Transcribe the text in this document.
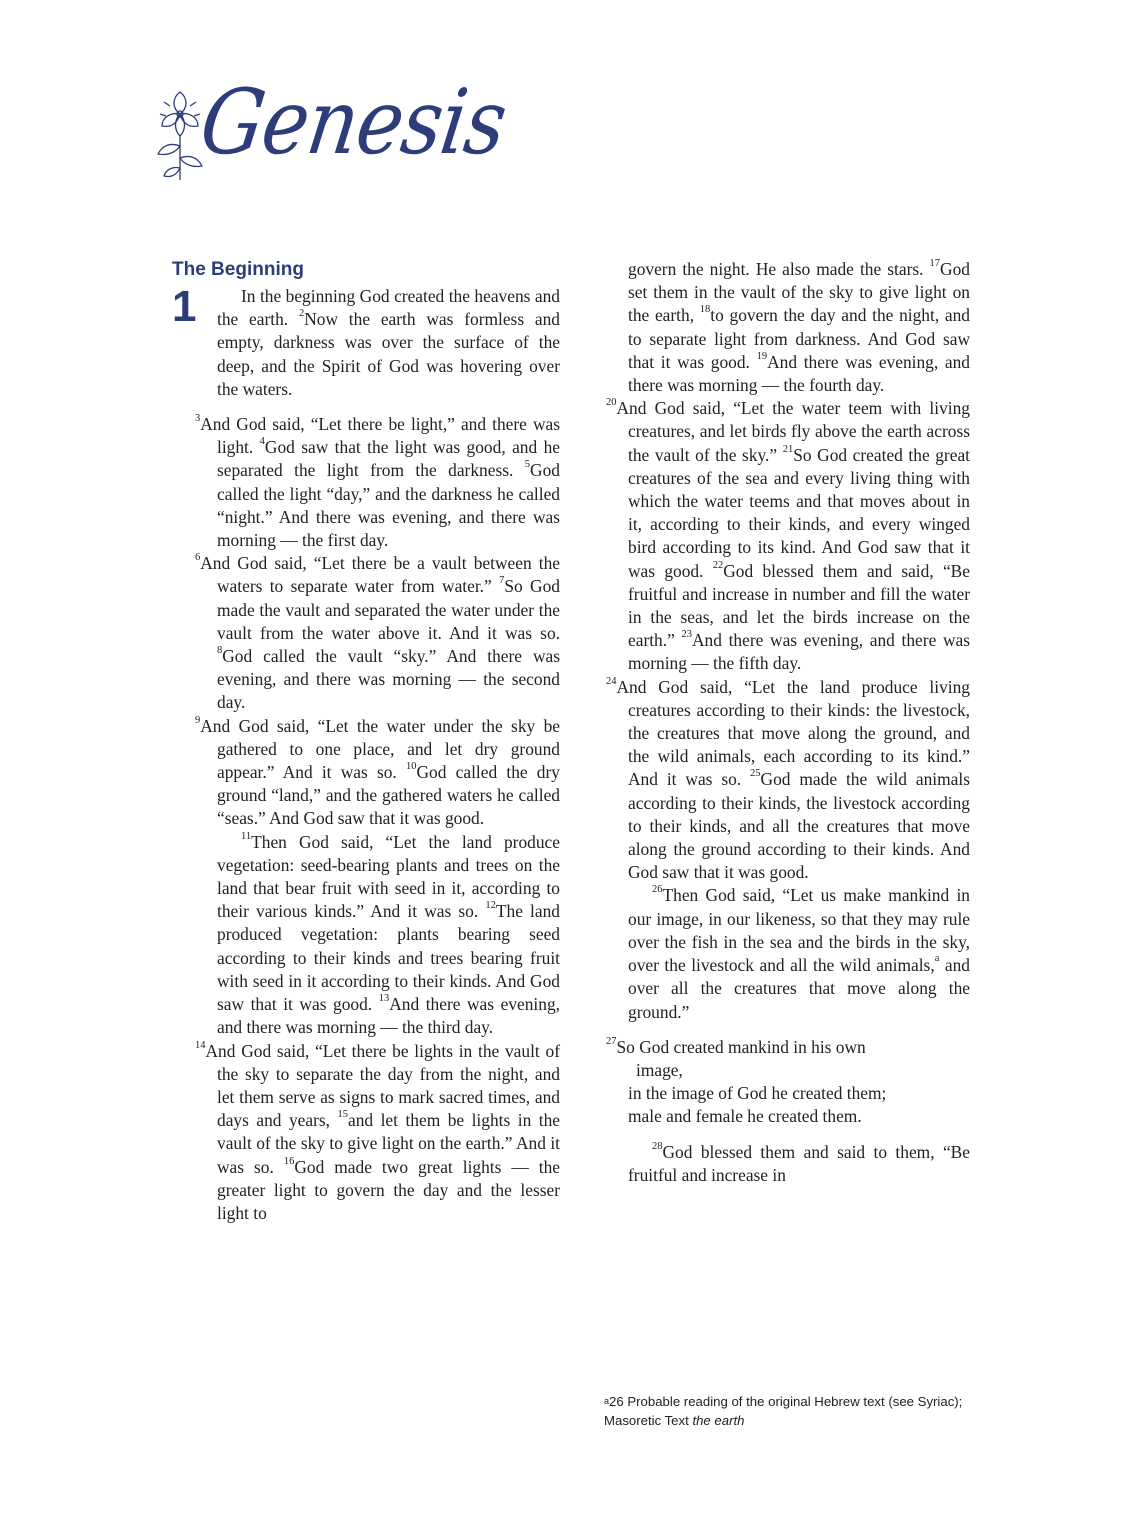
Genesis
The Beginning
1	In the beginning God created the heavens and the earth. $^2$Now the earth was formless and empty, darkness was over the surface of the deep, and the Spirit of God was hovering over the waters.
$^3$And God said, “Let there be light,” and there was light. $^4$God saw that the light was good, and he separated the light from the darkness. $^5$God called the light “day,” and the darkness he called “night.” And there was evening, and there was morning — the first day.
$^6$And God said, “Let there be a vault between the waters to separate water from water.” $^7$So God made the vault and separated the water under the vault from the water above it. And it was so. $^8$God called the vault “sky.” And there was evening, and there was morning — the second day.
$^9$And God said, “Let the water under the sky be gathered to one place, and let dry ground appear.” And it was so. $^{10}$God called the dry ground “land,” and the gathered waters he called “seas.” And God saw that it was good.
$^{11}$Then God said, “Let the land produce vegetation: seed-bearing plants and trees on the land that bear fruit with seed in it, according to their various kinds.” And it was so. $^{12}$The land produced vegetation: plants bearing seed according to their kinds and trees bearing fruit with seed in it according to their kinds. And God saw that it was good. $^{13}$And there was evening, and there was morning — the third day.
$^{14}$And God said, “Let there be lights in the vault of the sky to separate the day from the night, and let them serve as signs to mark sacred times, and days and years, $^{15}$and let them be lights in the vault of the sky to give light on the earth.” And it was so. $^{16}$God made two great lights — the greater light to govern the day and the lesser light to
govern the night. He also made the stars. $^{17}$God set them in the vault of the sky to give light on the earth, $^{18}$to govern the day and the night, and to separate light from darkness. And God saw that it was good. $^{19}$And there was evening, and there was morning — the fourth day.
$^{20}$And God said, “Let the water teem with living creatures, and let birds fly above the earth across the vault of the sky.” $^{21}$So God created the great creatures of the sea and every living thing with which the water teems and that moves about in it, according to their kinds, and every winged bird according to its kind. And God saw that it was good. $^{22}$God blessed them and said, “Be fruitful and increase in number and fill the water in the seas, and let the birds increase on the earth.” $^{23}$And there was evening, and there was morning — the fifth day.
$^{24}$And God said, “Let the land produce living creatures according to their kinds: the livestock, the creatures that move along the ground, and the wild animals, each according to its kind.” And it was so. $^{25}$God made the wild animals according to their kinds, the livestock according to their kinds, and all the creatures that move along the ground according to their kinds. And God saw that it was good.
$^{26}$Then God said, “Let us make mankind in our image, in our likeness, so that they may rule over the fish in the sea and the birds in the sky, over the livestock and all the wild animals,$^a$ and over all the creatures that move along the ground.”
$^{27}$So God created mankind in his own
image,
in the image of God he created them;
male and female he created them.
$^{28}$God blessed them and said to them, “Be fruitful and increase in
$^a$26 Probable reading of the original Hebrew text (see Syriac); Masoretic Text the earth
